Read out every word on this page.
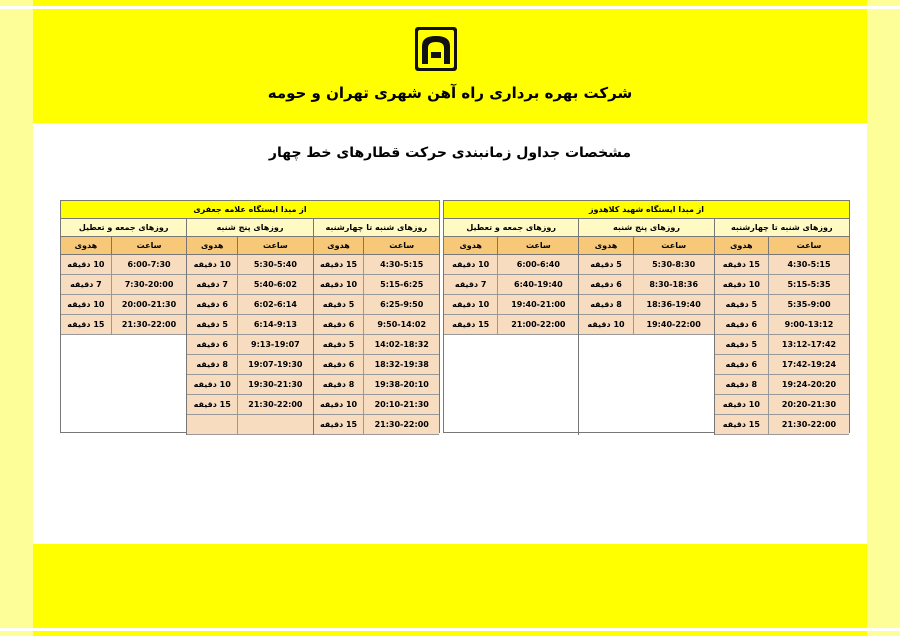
شرکت بهره برداری راه آهن شهری تهران و حومه
مشخصات جداول زمانبندی حرکت قطارهای خط چهار
از مبدا ایستگاه شهید کلاهدوز
روزهای شنبه تا چهارشنبه
ساعت
هدوی
4:30-5:15
15 دقیقه
5:15-5:35
10 دقیقه
5:35-9:00
5 دقیقه
9:00-13:12
6 دقیقه
13:12-17:42
5 دقیقه
17:42-19:24
6 دقیقه
19:24-20:20
8 دقیقه
20:20-21:30
10 دقیقه
21:30-22:00
15 دقیقه
روزهای پنج شنبه
ساعت
هدوی
5:30-8:30
5 دقیقه
8:30-18:36
6 دقیقه
18:36-19:40
8 دقیقه
19:40-22:00
10 دقیقه
روزهای جمعه و تعطیل
ساعت
هدوی
6:00-6:40
10 دقیقه
6:40-19:40
7 دقیقه
19:40-21:00
10 دقیقه
21:00-22:00
15 دقیقه
از مبدا ایستگاه علامه جعفری
روزهای شنبه تا چهارشنبه
ساعت
هدوی
4:30-5:15
15 دقیقه
5:15-6:25
10 دقیقه
6:25-9:50
5 دقیقه
9:50-14:02
6 دقیقه
14:02-18:32
5 دقیقه
18:32-19:38
6 دقیقه
19:38-20:10
8 دقیقه
20:10-21:30
10 دقیقه
21:30-22:00
15 دقیقه
روزهای پنج شنبه
ساعت
هدوی
5:30-5:40
10 دقیقه
5:40-6:02
7 دقیقه
6:02-6:14
6 دقیقه
6:14-9:13
5 دقیقه
9:13-19:07
6 دقیقه
19:07-19:30
8 دقیقه
19:30-21:30
10 دقیقه
21:30-22:00
15 دقیقه
روزهای جمعه و تعطیل
ساعت
هدوی
6:00-7:30
10 دقیقه
7:30-20:00
7 دقیقه
20:00-21:30
10 دقیقه
21:30-22:00
15 دقیقه
